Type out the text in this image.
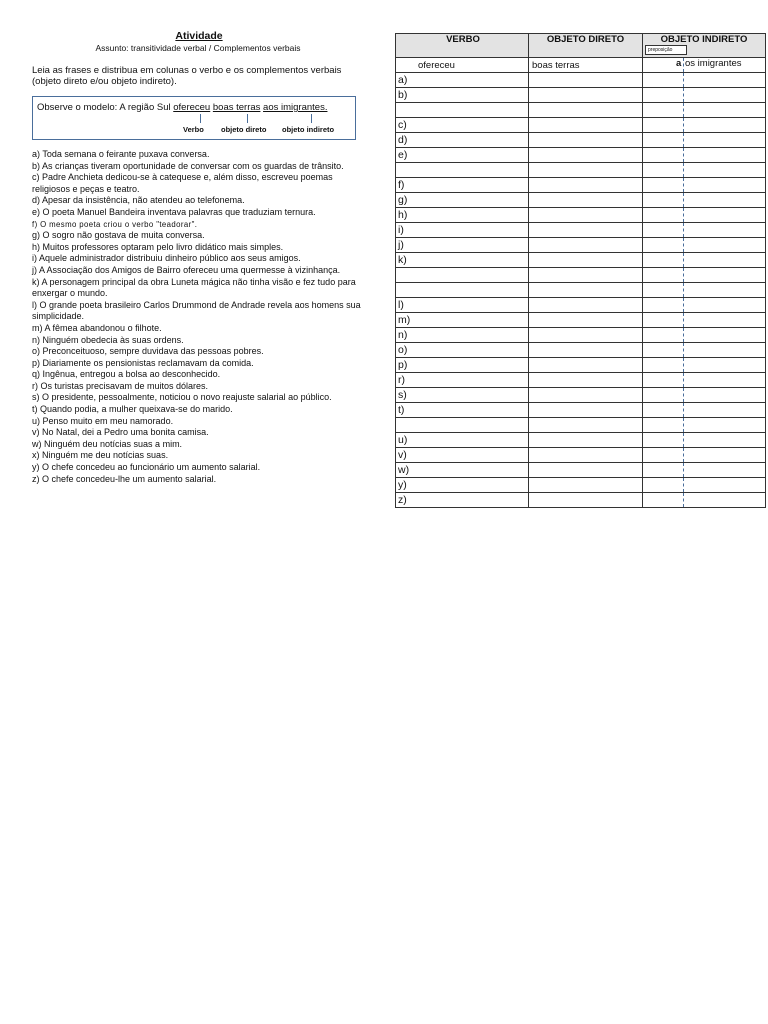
Atividade
Assunto: transitividade verbal / Complementos verbais
Leia as frases e distribua em colunas o verbo e os complementos verbais (objeto direto e/ou objeto indireto).
Observe o modelo: A região Sul ofereceu boas terras aos imigrantes.
Verbo objeto direto objeto indireto
a) Toda semana o feirante puxava conversa.
b) As crianças tiveram oportunidade de conversar com os guardas de trânsito.
c) Padre Anchieta dedicou-se à catequese e, além disso, escreveu poemas religiosos e peças e teatro.
d) Apesar da insistência, não atendeu ao telefonema.
e) O poeta Manuel Bandeira inventava palavras que traduziam ternura.
f) O mesmo poeta criou o verbo "teadorar".
g) O sogro não gostava de muita conversa.
h) Muitos professores optaram pelo livro didático mais simples.
i) Aquele administrador distribuiu dinheiro público aos seus amigos.
j) A Associação dos Amigos de Bairro ofereceu uma quermesse à vizinhança.
k) A personagem principal da obra Luneta mágica não tinha visão e fez tudo para enxergar o mundo.
l) O grande poeta brasileiro Carlos Drummond de Andrade revela aos homens sua simplicidade.
m) A fêmea abandonou o filhote.
n) Ninguém obedecia às suas ordens.
o) Preconceituoso, sempre duvidava das pessoas pobres.
p) Diariamente os pensionistas reclamavam da comida.
q) Ingênua, entregou a bolsa ao desconhecido.
r) Os turistas precisavam de muitos dólares.
s) O presidente, pessoalmente, noticiou o novo reajuste salarial ao público.
t) Quando podia, a mulher queixava-se do marido.
u) Penso muito em meu namorado.
v) No Natal, dei a Pedro uma bonita camisa.
w) Ninguém deu notícias suas a mim.
x) Ninguém me deu notícias suas.
y) O chefe concedeu ao funcionário um aumento salarial.
z) O chefe concedeu-lhe um aumento salarial.
VERBO	OBJETO DIRETO	OBJETO INDIRETO
preposição

ofereceu	boas terras	a os imigrantes

a)		

b)		

c)		

d)		

e)		

f)		

g)		

h)		

i)		

j)		

k)		

l)		

m)		

n)		

o)		

p)		

r)		

s)		

t)		

u)		

v)		

w)		

y)		

z)		
